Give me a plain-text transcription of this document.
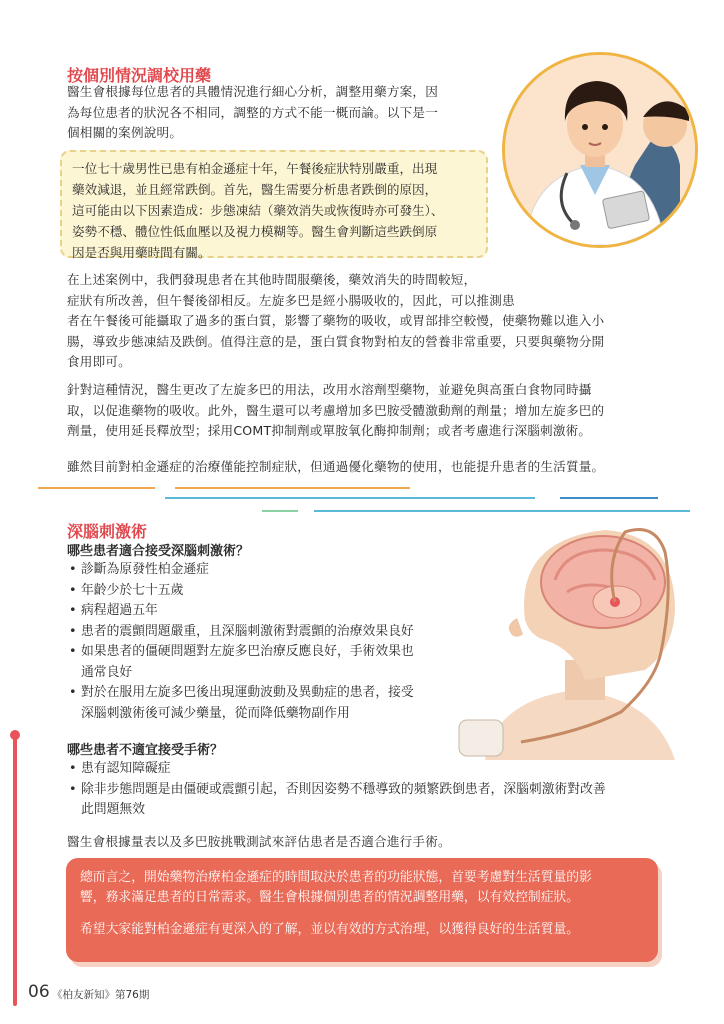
按個別情況調校用藥
醫生會根據每位患者的具體情況進行細心分析，調整用藥方案，因
為每位患者的狀況各不相同，調整的方式不能一概而論。以下是一
個相關的案例說明。
一位七十歲男性已患有柏金遜症十年，午餐後症狀特別嚴重，出現
藥效減退，並且經常跌倒。首先，醫生需要分析患者跌倒的原因，
這可能由以下因素造成：步態凍結（藥效消失或恢復時亦可發生）、
姿勢不穩、體位性低血壓以及視力模糊等。醫生會判斷這些跌倒原
因是否與用藥時間有關。
在上述案例中，我們發現患者在其他時間服藥後，藥效消失的時間較短，
症狀有所改善，但午餐後卻相反。左旋多巴是經小腸吸收的，因此，可以推測患
者在午餐後可能攝取了過多的蛋白質，影響了藥物的吸收，或胃部排空較慢，使藥物難以進入小
腸，導致步態凍結及跌倒。值得注意的是，蛋白質食物對柏友的營養非常重要，只要與藥物分開
食用即可。
針對這種情況，醫生更改了左旋多巴的用法，改用水溶劑型藥物，並避免與高蛋白食物同時攝
取，以促進藥物的吸收。此外，醫生還可以考慮增加多巴胺受體激動劑的劑量；增加左旋多巴的
劑量，使用延長釋放型；採用COMT抑制劑或單胺氧化酶抑制劑；或者考慮進行深腦刺激術。
雖然目前對柏金遜症的治療僅能控制症狀，但通過優化藥物的使用，也能提升患者的生活質量。
深腦刺激術
哪些患者適合接受深腦刺激術？
• 診斷為原發性柏金遜症
• 年齡少於七十五歲
• 病程超過五年
• 患者的震顫問題嚴重，且深腦刺激術對震顫的治療效果良好
• 如果患者的僵硬問題對左旋多巴治療反應良好，手術效果也
通常良好
• 對於在服用左旋多巴後出現運動波動及異動症的患者，接受
深腦刺激術後可減少藥量，從而降低藥物副作用
哪些患者不適宜接受手術？
• 患有認知障礙症
• 除非步態問題是由僵硬或震顫引起，否則因姿勢不穩導致的頻繁跌倒患者，深腦刺激術對改善
此問題無效
醫生會根據量表以及多巴胺挑戰測試來評估患者是否適合進行手術。

總而言之，開始藥物治療柏金遜症的時間取決於患者的功能狀態，首要考慮對生活質量的影

響，務求滿足患者的日常需求。醫生會根據個別患者的情況調整用藥，以有效控制症狀。

希望大家能對柏金遜症有更深入的了解，並以有效的方式治理，以獲得良好的生活質量。

06 《柏友新知》第76期
